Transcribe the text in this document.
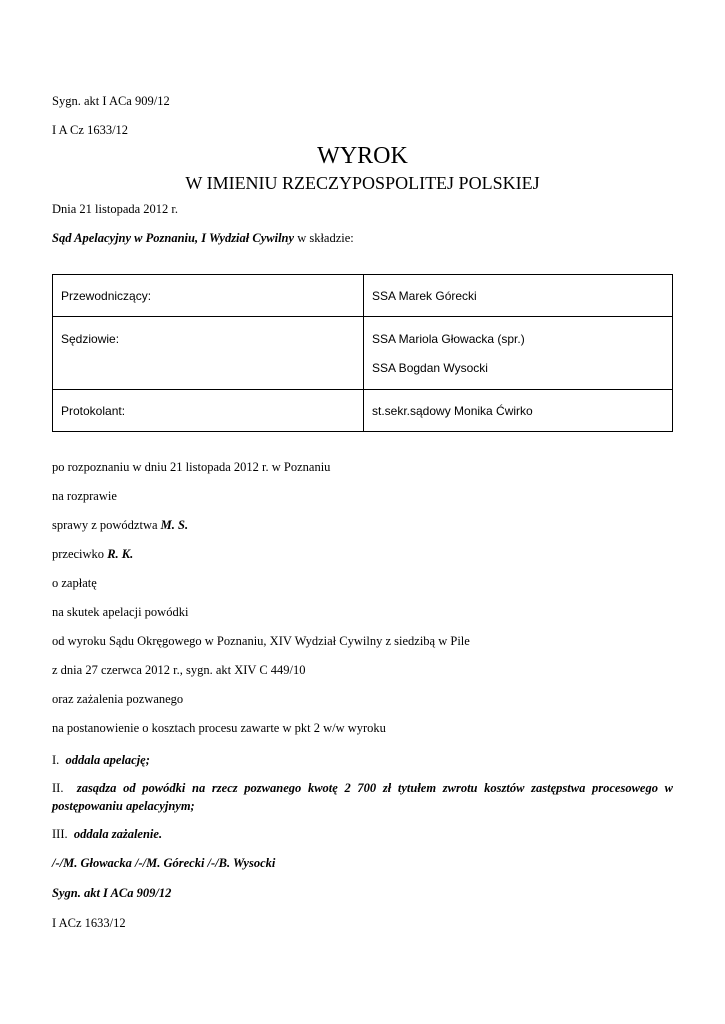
Sygn. akt I ACa 909/12
I A Cz 1633/12
WYROK
W IMIENIU RZECZYPOSPOLITEJ POLSKIEJ
Dnia 21 listopada 2012 r.
Sąd Apelacyjny w Poznaniu, I Wydział Cywilny w składzie:
Przewodniczący:	SSA Marek Górecki

Sędziowie:	SSA Mariola Głowacka (spr.)
SSA Bogdan Wysocki

Protokolant:	st.sekr.sądowy Monika Ćwirko
po rozpoznaniu w dniu 21 listopada 2012 r. w Poznaniu
na rozprawie
sprawy z powództwa M. S.
przeciwko R. K.
o zapłatę
na skutek apelacji powódki
od wyroku Sądu Okręgowego w Poznaniu, XIV Wydział Cywilny z siedzibą w Pile
z dnia 27 czerwca 2012 r., sygn. akt XIV C 449/10
oraz zażalenia pozwanego
na postanowienie o kosztach procesu zawarte w pkt 2 w/w wyroku
I. oddala apelację;
II. zasądza od powódki na rzecz pozwanego kwotę 2 700 zł tytułem zwrotu kosztów zastępstwa procesowego w postępowaniu apelacyjnym;
III. oddala zażalenie.
/-/M. Głowacka /-/M. Górecki /-/B. Wysocki
Sygn. akt I ACa 909/12
I ACz 1633/12
